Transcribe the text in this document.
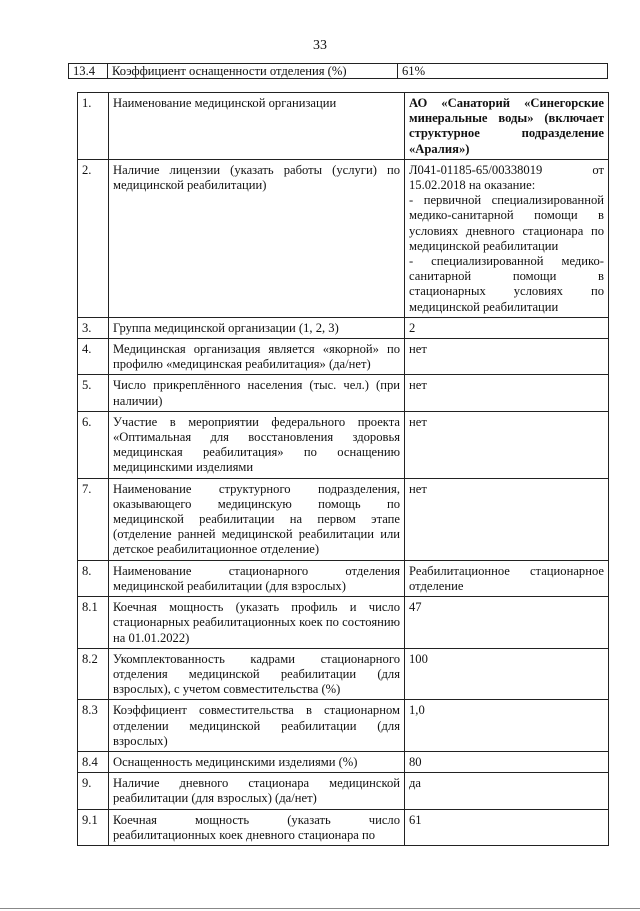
33
13.4	Коэффициент оснащенности отделения (%)	61%
1.	Наименование медицинской организации	АО «Санаторий «Синегорские минеральные воды» (включает структурное подразделение «Аралия»)
2.	Наличие лицензии (указать работы (услуги) по медицинской реабилитации)	Л041-01185-65/00338019 от 15.02.2018 на оказание:
- первичной специализированной медико-санитарной помощи в условиях дневного стационара по медицинской реабилитации
- специализированной медико-санитарной помощи в стационарных условиях по медицинской реабилитации
3.	Группа медицинской организации (1, 2, 3)	2
4.	Медицинская организация является «якорной» по профилю «медицинская реабилитация» (да/нет)	нет
5.	Число прикреплённого населения (тыс. чел.) (при наличии)	нет
6.	Участие в мероприятии федерального проекта «Оптимальная для восстановления здоровья медицинская реабилитация» по оснащению медицинскими изделиями	нет
7.	Наименование структурного подразделения, оказывающего медицинскую помощь по медицинской реабилитации на первом этапе (отделение ранней медицинской реабилитации или детское реабилитационное отделение)	нет
8.	Наименование стационарного отделения медицинской реабилитации (для взрослых)	Реабилитационное стационарное отделение
8.1	Коечная мощность (указать профиль и число стационарных реабилитационных коек по состоянию на 01.01.2022)	47
8.2	Укомплектованность кадрами стационарного отделения медицинской реабилитации (для взрослых), с учетом совместительства (%)	100
8.3	Коэффициент совместительства в стационарном отделении медицинской реабилитации (для взрослых)	1,0
8.4	Оснащенность медицинскими изделиями (%)	80
9.	Наличие дневного стационара медицинской реабилитации (для взрослых) (да/нет)	да
9.1	Коечная мощность (указать число реабилитационных коек дневного стационара по	61
